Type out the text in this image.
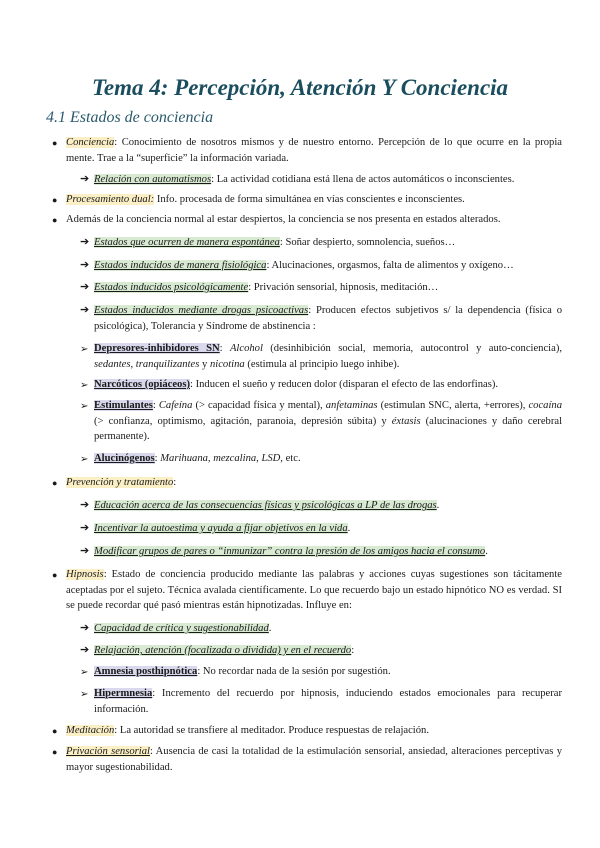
Tema 4: Percepción, Atención Y Conciencia
4.1 Estados de conciencia
● Conciencia: Conocimiento de nosotros mismos y de nuestro entorno. Percepción de lo que ocurre en la propia mente. Trae a la “superficie” la información variada.
➔ Relación con automatismos: La actividad cotidiana está llena de actos automáticos o inconscientes.
● Procesamiento dual: Info. procesada de forma simultánea en vías conscientes e inconscientes.
● Además de la conciencia normal al estar despiertos, la conciencia se nos presenta en estados alterados.
➔ Estados que ocurren de manera espontánea: Soñar despierto, somnolencia, sueños…
➔ Estados inducidos de manera fisiológica: Alucinaciones, orgasmos, falta de alimentos y oxígeno…
➔ Estados inducidos psicológicamente: Privación sensorial, hipnosis, meditación…
➔ Estados inducidos mediante drogas psicoactivas: Producen efectos subjetivos s/ la dependencia (física o psicológica), Tolerancia y Síndrome de abstinencia :
➢ Depresores-inhibidores SN: Alcohol (desinhibición social, memoria, autocontrol y auto-conciencia), sedantes, tranquilizantes y nicotina (estimula al principio luego inhibe).
➢ Narcóticos (opiáceos): Inducen el sueño y reducen dolor (disparan el efecto de las endorfinas).
➢ Estimulantes: Cafeína (> capacidad física y mental), anfetaminas (estimulan SNC, alerta, +errores), cocaína (> confianza, optimismo, agitación, paranoia, depresión súbita) y éxtasis (alucinaciones y daño cerebral permanente).
➢ Alucinógenos: Marihuana, mezcalina, LSD, etc.
● Prevención y tratamiento:
➔ Educación acerca de las consecuencias físicas y psicológicas a LP de las drogas.
➔ Incentivar la autoestima y ayuda a fijar objetivos en la vida.
➔ Modificar grupos de pares o “inmunizar” contra la presión de los amigos hacia el consumo.
● Hipnosis: Estado de conciencia producido mediante las palabras y acciones cuyas sugestiones son tácitamente aceptadas por el sujeto. Técnica avalada científicamente. Lo que recuerdo bajo un estado hipnótico NO es verdad. SI se puede recordar qué pasó mientras están hipnotizadas. Influye en:
➔ Capacidad de crítica y sugestionabilidad.
➔ Relajación, atención (focalizada o dividida) y en el recuerdo:
➢ Amnesia posthipnótica: No recordar nada de la sesión por sugestión.
➢ Hipermnesia: Incremento del recuerdo por hipnosis, induciendo estados emocionales para recuperar información.
● Meditación: La autoridad se transfiere al meditador. Produce respuestas de relajación.
● Privación sensorial: Ausencia de casi la totalidad de la estimulación sensorial, ansiedad, alteraciones perceptivas y mayor sugestionabilidad.
